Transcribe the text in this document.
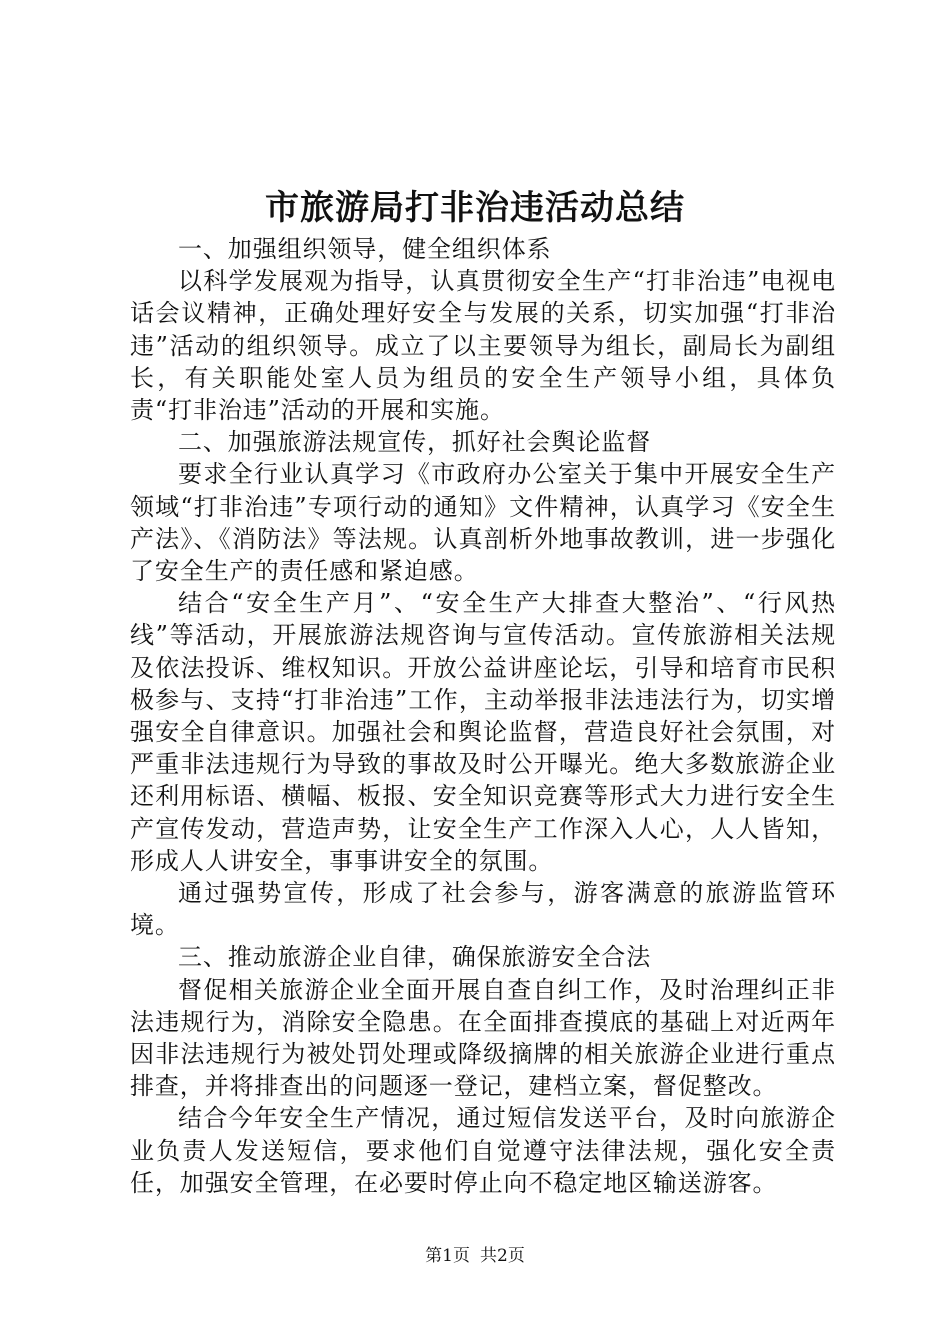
市旅游局打非治违活动总结

一、加强组织领导，健全组织体系

以科学发展观为指导，认真贯彻安全生产“打非治违”电视电话会议精神，正确处理好安全与发展的关系，切实加强“打非治违”活动的组织领导。成立了以主要领导为组长，副局长为副组长，有关职能处室人员为组员的安全生产领导小组，具体负责“打非治违”活动的开展和实施。

二、加强旅游法规宣传，抓好社会舆论监督

要求全行业认真学习《市政府办公室关于集中开展安全生产领域“打非治违”专项行动的通知》文件精神，认真学习《安全生产法》、《消防法》等法规。认真剖析外地事故教训，进一步强化了安全生产的责任感和紧迫感。

结合“安全生产月”、“安全生产大排查大整治”、“行风热线”等活动，开展旅游法规咨询与宣传活动。宣传旅游相关法规及依法投诉、维权知识。开放公益讲座论坛，引导和培育市民积极参与、支持“打非治违”工作，主动举报非法违法行为，切实增强安全自律意识。加强社会和舆论监督，营造良好社会氛围，对严重非法违规行为导致的事故及时公开曝光。绝大多数旅游企业还利用标语、横幅、板报、安全知识竞赛等形式大力进行安全生产宣传发动，营造声势，让安全生产工作深入人心，人人皆知，形成人人讲安全，事事讲安全的氛围。

通过强势宣传，形成了社会参与，游客满意的旅游监管环境。

三、推动旅游企业自律，确保旅游安全合法

督促相关旅游企业全面开展自查自纠工作，及时治理纠正非法违规行为，消除安全隐患。在全面排查摸底的基础上对近两年因非法违规行为被处罚处理或降级摘牌的相关旅游企业进行重点排查，并将排查出的问题逐一登记，建档立案，督促整改。

结合今年安全生产情况，通过短信发送平台，及时向旅游企业负责人发送短信，要求他们自觉遵守法律法规，强化安全责任，加强安全管理，在必要时停止向不稳定地区输送游客。

第1页 共2页
